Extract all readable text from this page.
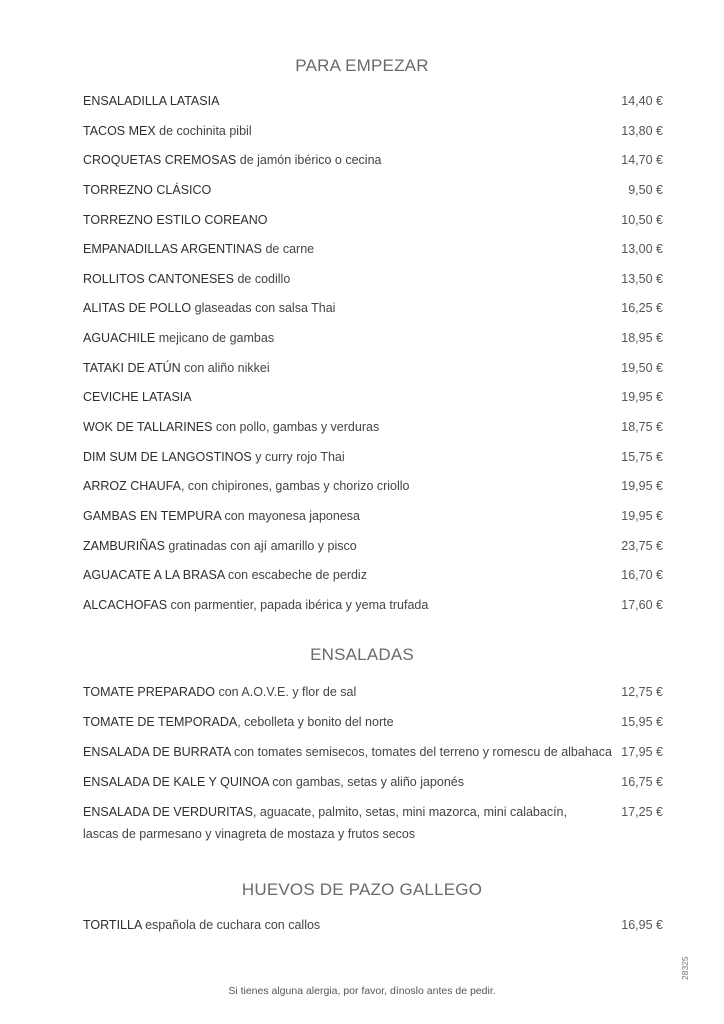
PARA EMPEZAR
ENSALADILLA LATASIA	14,40 €
TACOS MEX de cochinita pibil	13,80 €
CROQUETAS CREMOSAS de jamón ibérico o cecina	14,70 €
TORREZNO CLÁSICO	9,50 €
TORREZNO ESTILO COREANO	10,50 €
EMPANADILLAS ARGENTINAS de carne	13,00 €
ROLLITOS CANTONESES de codillo	13,50 €
ALITAS DE POLLO glaseadas con salsa Thai	16,25 €
AGUACHILE mejicano de gambas	18,95 €
TATAKI DE ATÚN con aliño nikkei	19,50 €
CEVICHE LATASIA	19,95 €
WOK DE TALLARINES con pollo, gambas y verduras	18,75 €
DIM SUM DE LANGOSTINOS y curry rojo Thai	15,75 €
ARROZ CHAUFA, con chipirones, gambas y chorizo criollo	19,95 €
GAMBAS EN TEMPURA con mayonesa japonesa	19,95 €
ZAMBURIÑAS gratinadas con ají amarillo y pisco	23,75 €
AGUACATE A LA BRASA con escabeche de perdiz	16,70 €
ALCACHOFAS con parmentier, papada ibérica y yema trufada	17,60 €
ENSALADAS
TOMATE PREPARADO con A.O.V.E. y flor de sal	12,75 €
TOMATE DE TEMPORADA, cebolleta y bonito del norte	15,95 €
ENSALADA DE BURRATA con tomates semisecos, tomates del terreno y romescu de albahaca 17,95 €
ENSALADA DE KALE Y QUINOA con gambas, setas y aliño japonés	16,75 €
ENSALADA DE VERDURITAS, aguacate, palmito, setas, mini mazorca, mini calabacín, lascas de parmesano y vinagreta de mostaza y frutos secos
17,25 €
HUEVOS DE PAZO GALLEGO
TORTILLA española de cuchara con callos	16,95 €
Si tienes alguna alergia, por favor, dínoslo antes de pedir.
28325
